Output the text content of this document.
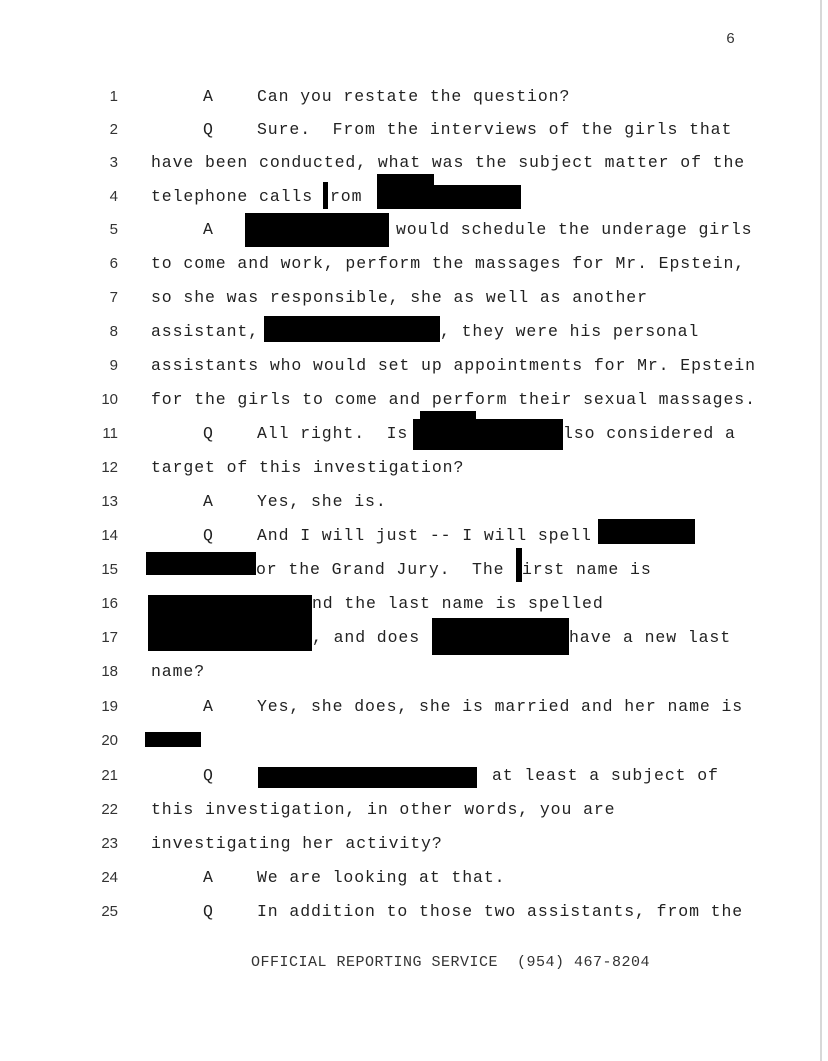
6
1	A	Can you restate the question?
2	Q	Sure.  From the interviews of the girls that
3 have been conducted, what was the subject matter of the
4 telephone calls rom
5	A	would schedule the underage girls
6 to come and work, perform the massages for Mr. Epstein,
7 so she was responsible, she as well as another
8 assistant,	, they were his personal
9 assistants who would set up appointments for Mr. Epstein
10 for the girls to come and perform their sexual massages.
11	Q	All right.  Is	lso considered a
12 target of this investigation?
13	A	Yes, she is.
14	Q	And I will just -- I will spell
15	or the Grand Jury.  The irst name is
16	nd the last name is spelled
17	, and does	have a new last
18 name?
19	A	Yes, she does, she is married and her name is
20
21	Q	at least a subject of
22 this investigation, in other words, you are
23 investigating her activity?
24	A	We are looking at that.
25	Q	In addition to those two assistants, from the
OFFICIAL REPORTING SERVICE  (954) 467-8204
